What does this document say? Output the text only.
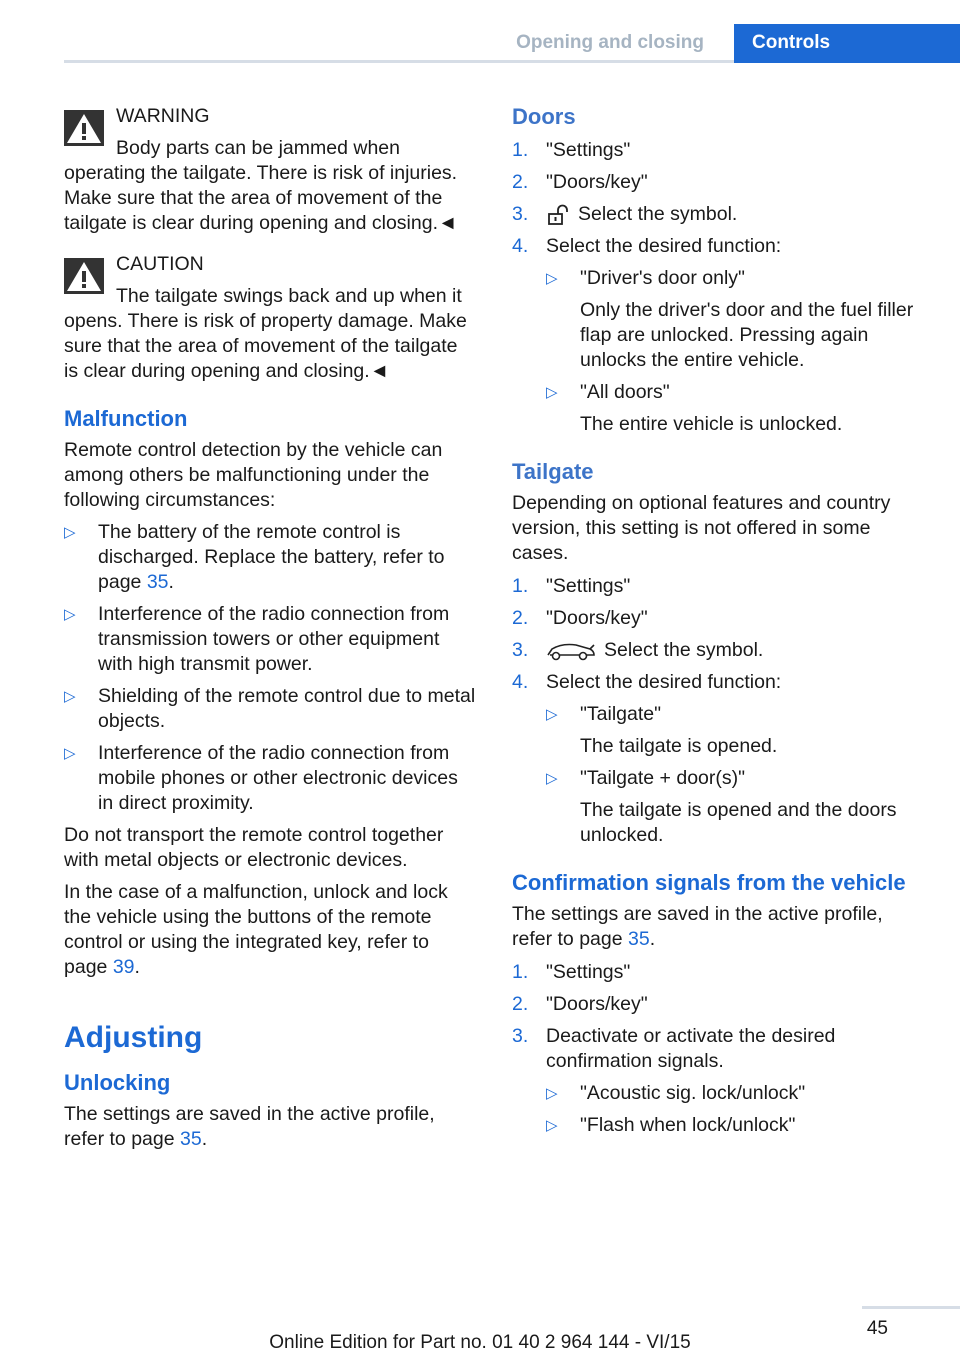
Opening and closing	Controls
WARNING

Body parts can be jammed when operating the tailgate. There is risk of injuries. Make sure that the area of movement of the tailgate is clear during opening and closing.◄

CAUTION

The tailgate swings back and up when it opens. There is risk of property damage. Make sure that the area of movement of the tailgate is clear during opening and closing.◄

Malfunction

Remote control detection by the vehicle can among others be malfunctioning under the following circumstances:

▷ The battery of the remote control is discharged. Replace the battery, refer to page 35.
▷ Interference of the radio connection from transmission towers or other equipment with high transmit power.
▷ Shielding of the remote control due to metal objects.
▷ Interference of the radio connection from mobile phones or other electronic devices in direct proximity.

Do not transport the remote control together with metal objects or electronic devices.

In the case of a malfunction, unlock and lock the vehicle using the buttons of the remote control or using the integrated key, refer to page 39.

Adjusting
Unlocking

The settings are saved in the active profile, refer to page 35.

Doors
1. "Settings"
2. "Doors/key"
3.	Select the symbol.
4. Select the desired function:
▷ "Driver's door only"

Only the driver's door and the fuel filler flap are unlocked. Pressing again unlocks the entire vehicle.
▷ "All doors"

The entire vehicle is unlocked.
Tailgate

Depending on optional features and country version, this setting is not offered in some cases.

1. "Settings"
2. "Doors/key"
3.	Select the symbol.
4. Select the desired function:
▷ "Tailgate"

The tailgate is opened.
▷ "Tailgate + door(s)"

The tailgate is opened and the doors unlocked.
Confirmation signals from the vehicle

The settings are saved in the active profile, refer to page 35.

1. "Settings"
2. "Doors/key"
3. Deactivate or activate the desired confirmation signals.
▷ "Acoustic sig. lock/unlock"
▷ "Flash when lock/unlock"
45
Online Edition for Part no. 01 40 2 964 144 - VI/15
